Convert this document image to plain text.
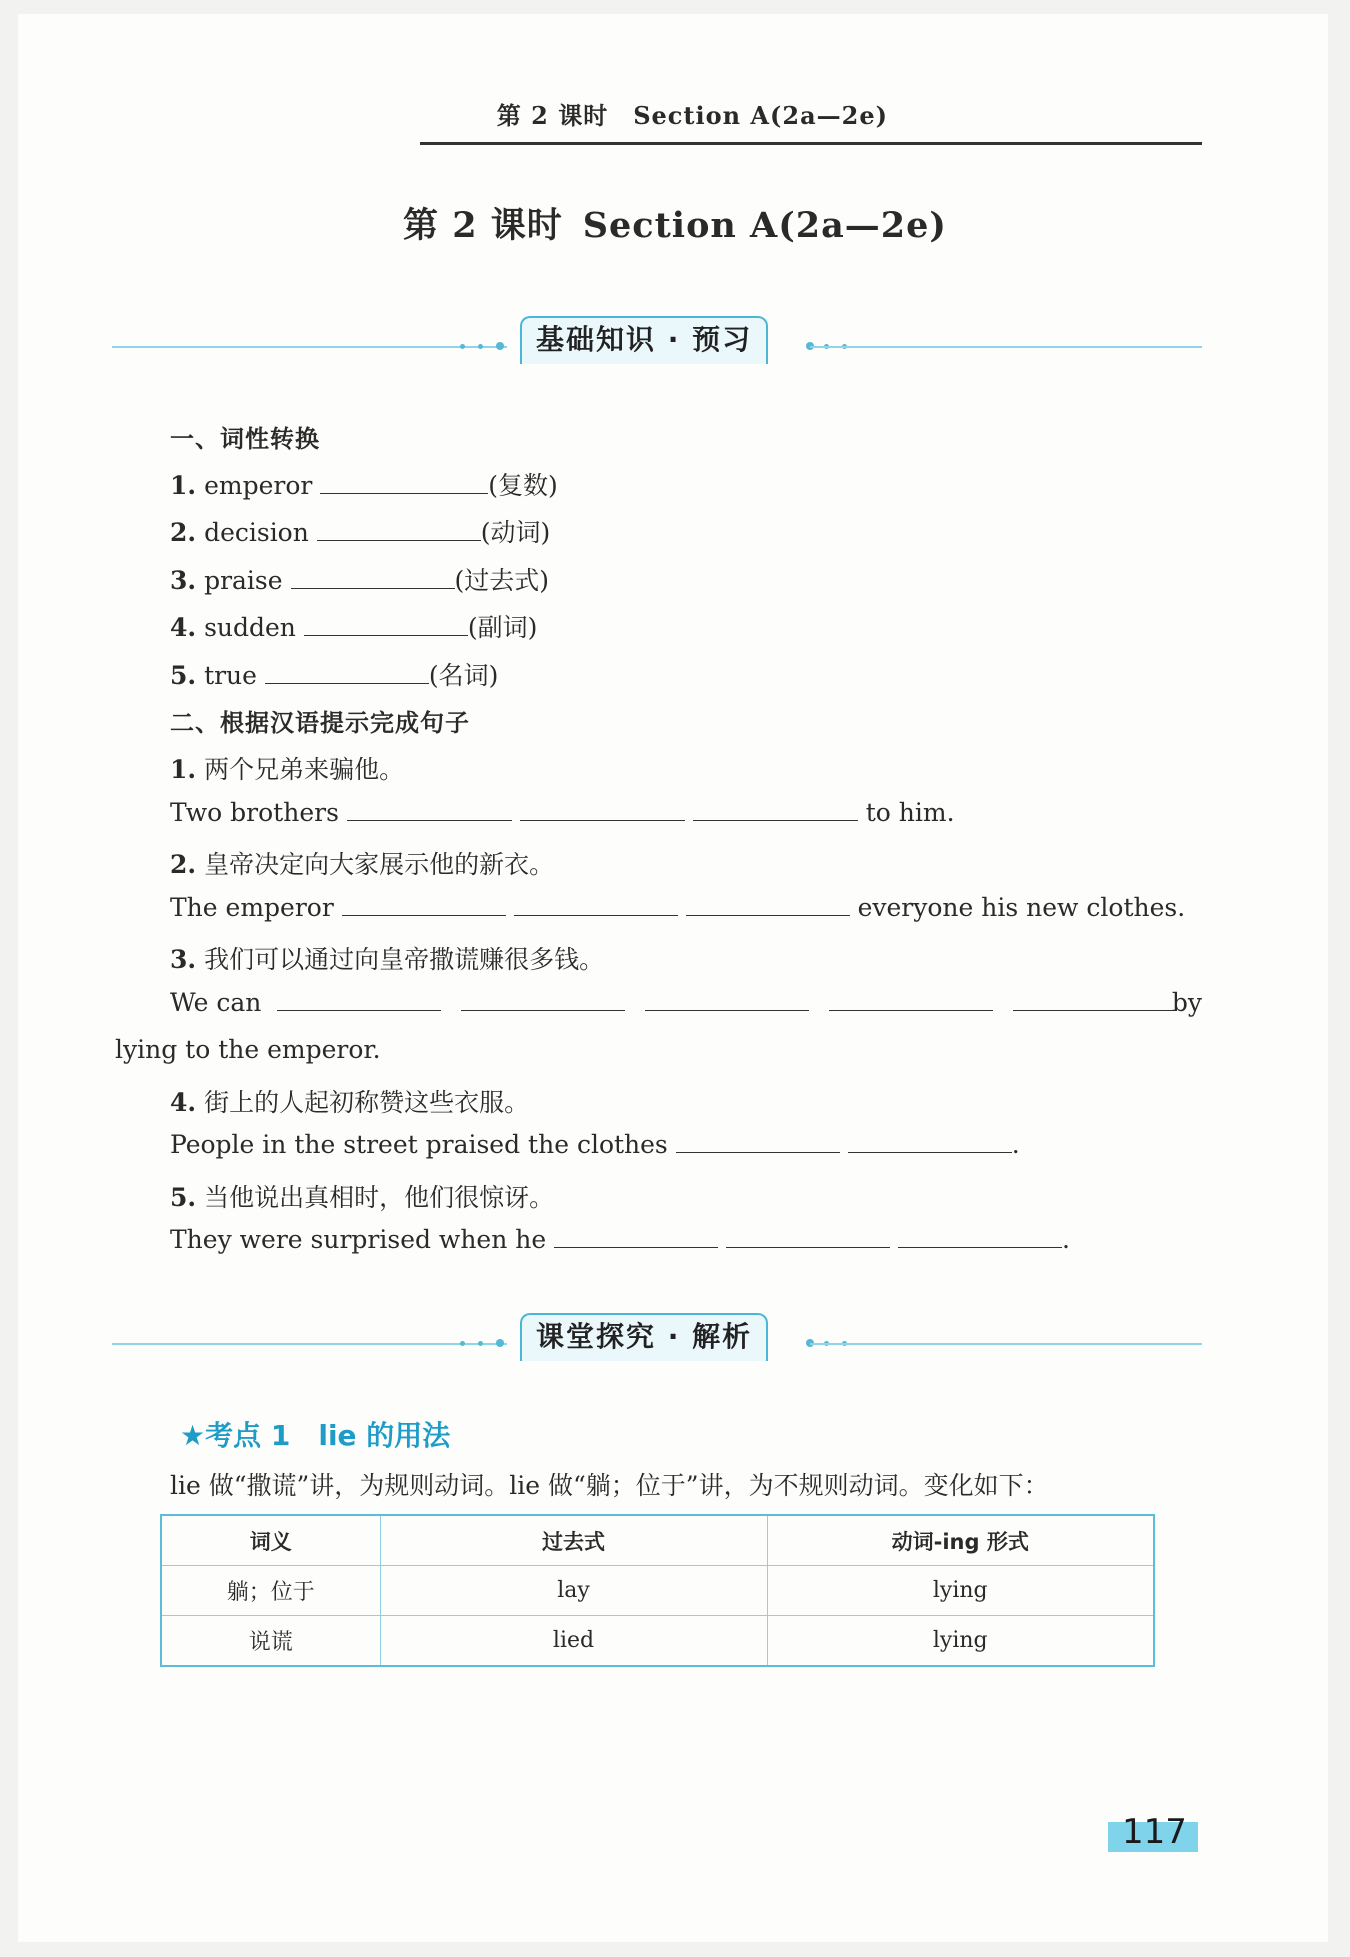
第 2 课时　Section A(2a—2e)
第 2 课时 Section A(2a—2e)
基础知识 · 预习
一、词性转换
1. emperor	(复数)
2. decision	(动词)
3. praise	(过去式)
4. sudden	(副词)
5. true	(名词)
二、根据汉语提示完成句子
1. 两个兄弟来骗他。
Two brothers	to him.
2. 皇帝决定向大家展示他的新衣。
The emperor	everyone his new clothes.
3. 我们可以通过向皇帝撒谎赚很多钱。
We can	by
lying to the emperor.
4. 街上的人起初称赞这些衣服。
People in the street praised the clothes	.
5. 当他说出真相时，他们很惊讶。
They were surprised when he	.
课堂探究 · 解析
★考点 1　 lie 的用法
lie 做“撒谎”讲，为规则动词。lie 做“躺；位于”讲，为不规则动词。变化如下：
词义	过去式	动词-ing 形式
躺；位于	lay	lying
说谎	lied	lying
117
